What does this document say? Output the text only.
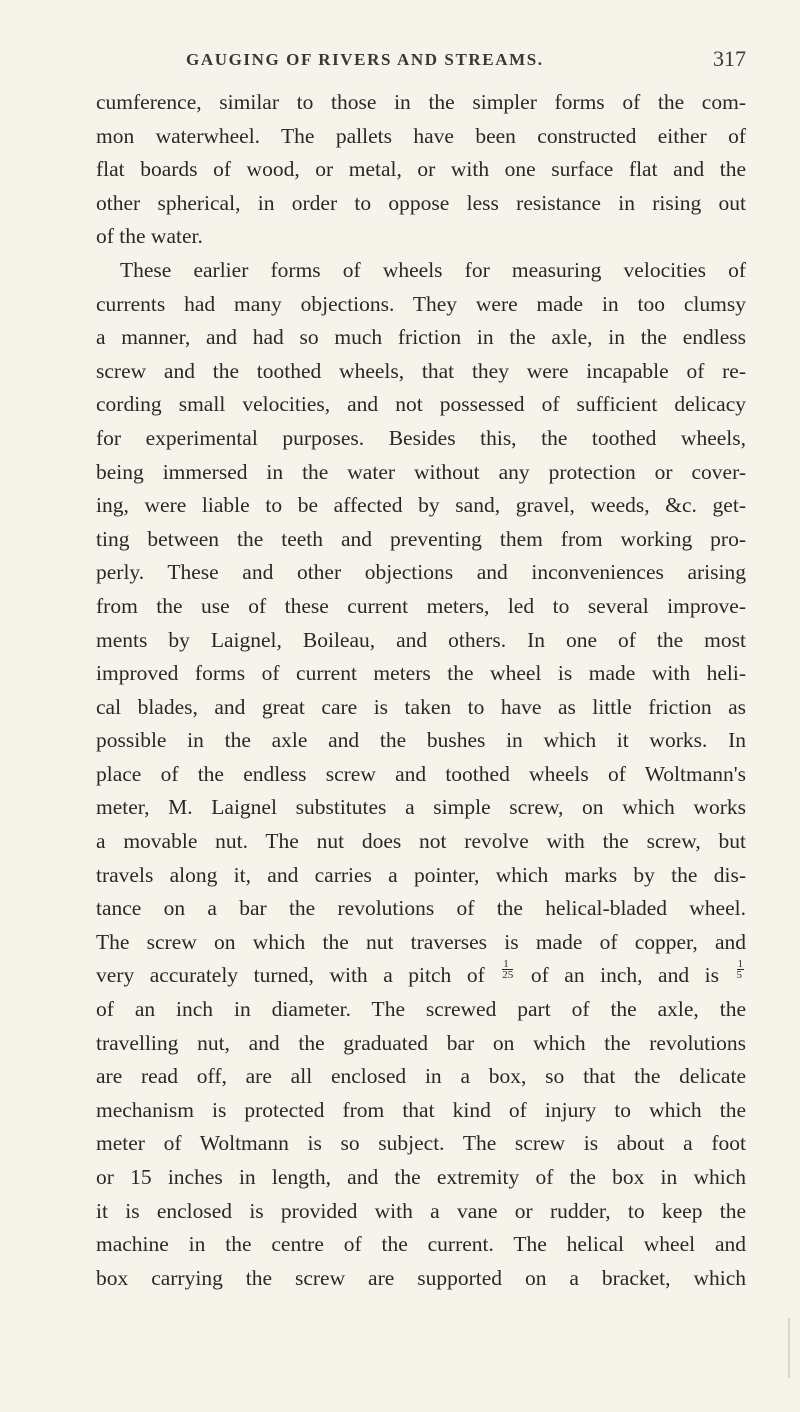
GAUGING OF RIVERS AND STREAMS.	317
cumference, similar to those in the simpler forms of the com-
mon waterwheel. The pallets have been constructed either of
flat boards of wood, or metal, or with one surface flat and the
other spherical, in order to oppose less resistance in rising out
of the water.
These earlier forms of wheels for measuring velocities of
currents had many objections. They were made in too clumsy
a manner, and had so much friction in the axle, in the endless
screw and the toothed wheels, that they were incapable of re-
cording small velocities, and not possessed of sufficient delicacy
for experimental purposes. Besides this, the toothed wheels,
being immersed in the water without any protection or cover-
ing, were liable to be affected by sand, gravel, weeds, &c. get-
ting between the teeth and preventing them from working pro-
perly. These and other objections and inconveniences arising
from the use of these current meters, led to several improve-
ments by Laignel, Boileau, and others. In one of the most
improved forms of current meters the wheel is made with heli-
cal blades, and great care is taken to have as little friction as
possible in the axle and the bushes in which it works. In
place of the endless screw and toothed wheels of Woltmann's
meter, M. Laignel substitutes a simple screw, on which works
a movable nut. The nut does not revolve with the screw, but
travels along it, and carries a pointer, which marks by the dis-
tance on a bar the revolutions of the helical-bladed wheel.
The screw on which the nut traverses is made of copper, and
very accurately turned, with a pitch of $\frac{1}{25}$ of an inch, and is $\frac{1}{5}$
of an inch in diameter. The screwed part of the axle, the
travelling nut, and the graduated bar on which the revolutions
are read off, are all enclosed in a box, so that the delicate
mechanism is protected from that kind of injury to which the
meter of Woltmann is so subject. The screw is about a foot
or 15 inches in length, and the extremity of the box in which
it is enclosed is provided with a vane or rudder, to keep the
machine in the centre of the current. The helical wheel and
box carrying the screw are supported on a bracket, which
